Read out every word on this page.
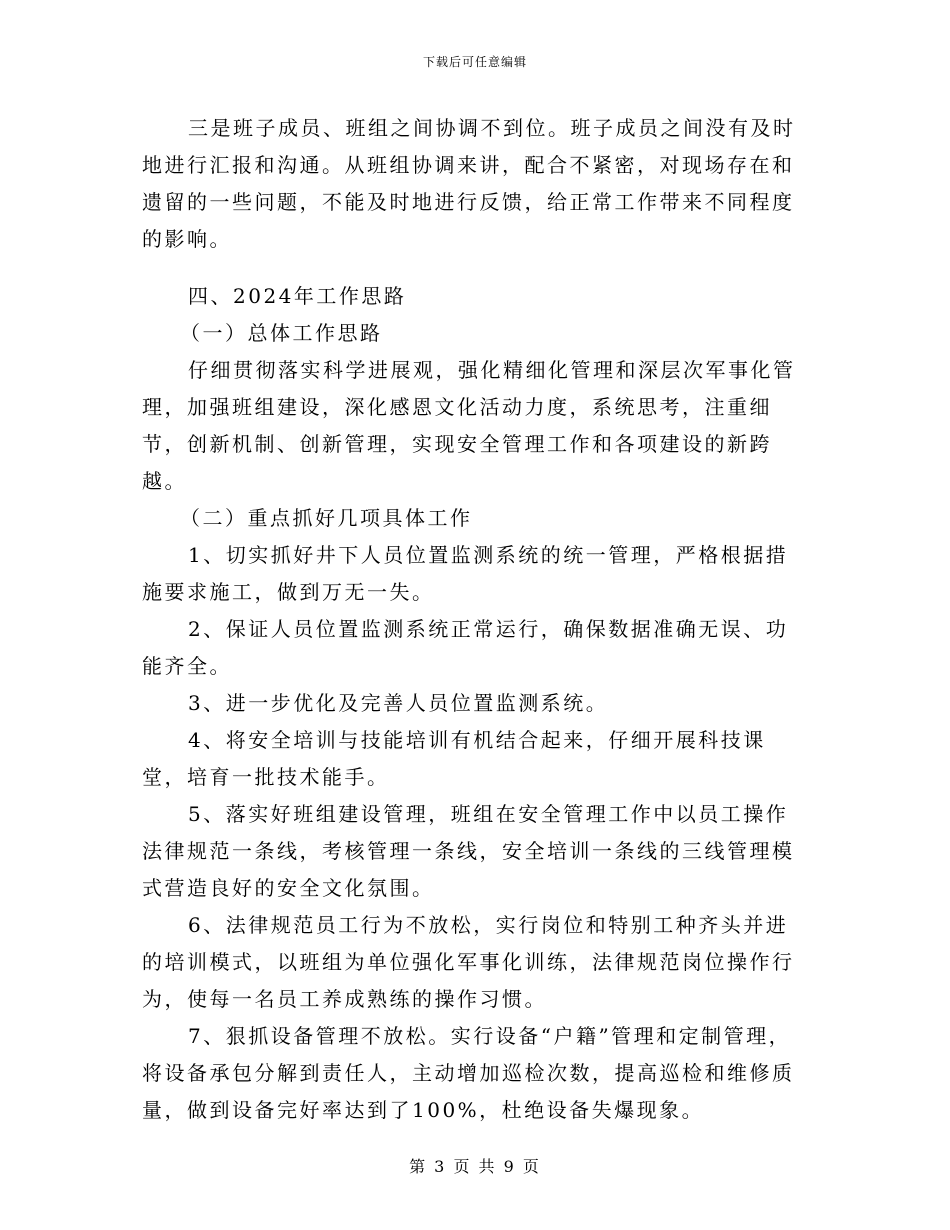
下载后可任意编辑

三是班子成员、班组之间协调不到位。班子成员之间没有及时地进行汇报和沟通。从班组协调来讲，配合不紧密，对现场存在和遗留的一些问题，不能及时地进行反馈，给正常工作带来不同程度的影响。

四、2024年工作思路

（一）总体工作思路

仔细贯彻落实科学进展观，强化精细化管理和深层次军事化管理，加强班组建设，深化感恩文化活动力度，系统思考，注重细节，创新机制、创新管理，实现安全管理工作和各项建设的新跨越。

（二）重点抓好几项具体工作

1、切实抓好井下人员位置监测系统的统一管理，严格根据措施要求施工，做到万无一失。

2、保证人员位置监测系统正常运行，确保数据准确无误、功能齐全。

3、进一步优化及完善人员位置监测系统。

4、将安全培训与技能培训有机结合起来，仔细开展科技课堂，培育一批技术能手。

5、落实好班组建设管理，班组在安全管理工作中以员工操作法律规范一条线，考核管理一条线，安全培训一条线的三线管理模式营造良好的安全文化氛围。

6、法律规范员工行为不放松，实行岗位和特别工种齐头并进的培训模式，以班组为单位强化军事化训练，法律规范岗位操作行为，使每一名员工养成熟练的操作习惯。

7、狠抓设备管理不放松。实行设备“户籍”管理和定制管理，将设备承包分解到责任人，主动增加巡检次数，提高巡检和维修质量，做到设备完好率达到了100%，杜绝设备失爆现象。

第 3 页 共 9 页
